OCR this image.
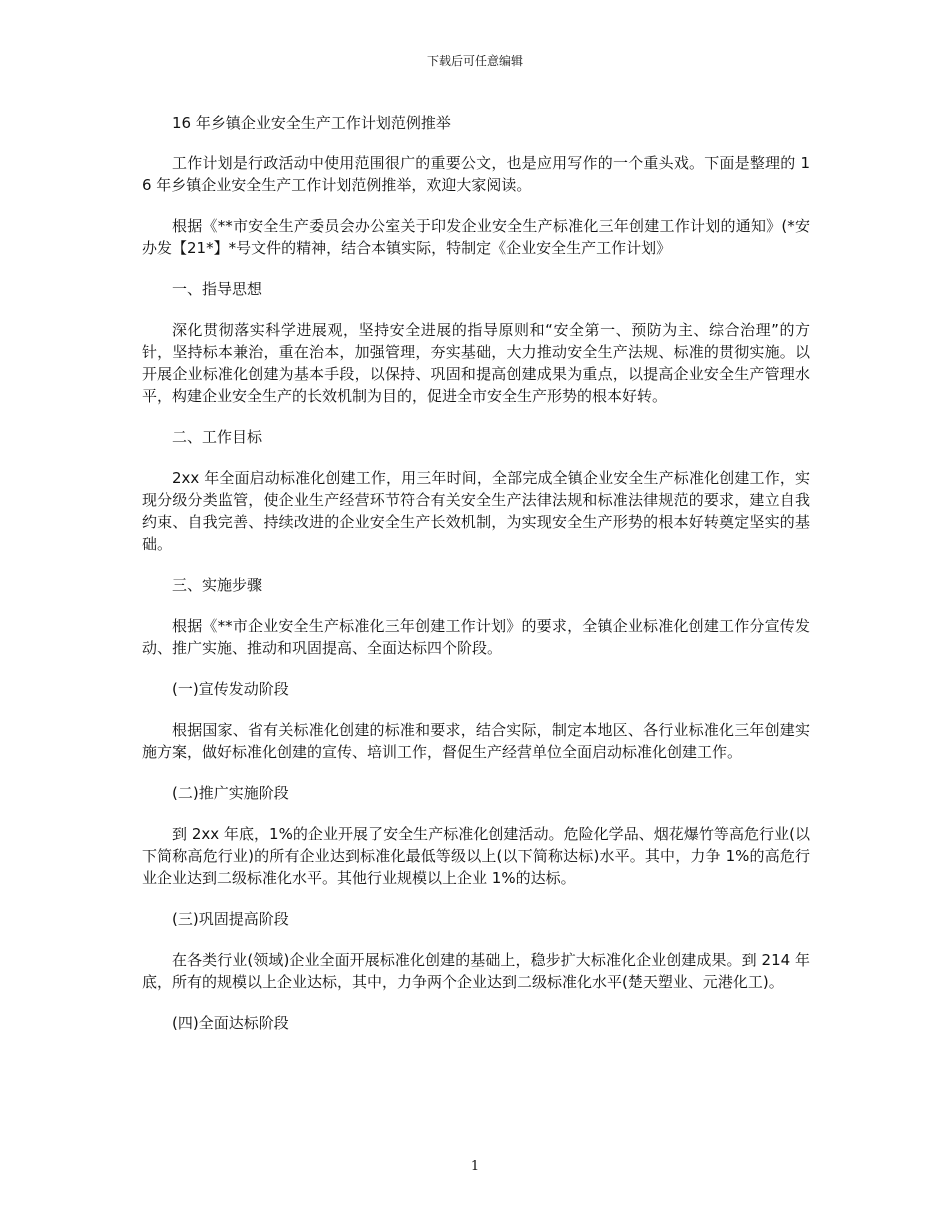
下载后可任意编辑

16 年乡镇企业安全生产工作计划范例推举

工作计划是行政活动中使用范围很广的重要公文，也是应用写作的一个重头戏。下面是整理的 16 年乡镇企业安全生产工作计划范例推举，欢迎大家阅读。

根据《**市安全生产委员会办公室关于印发企业安全生产标准化三年创建工作计划的通知》(*安办发【21*】*号文件的精神，结合本镇实际，特制定《企业安全生产工作计划》

一、指导思想

深化贯彻落实科学进展观，坚持安全进展的指导原则和“安全第一、预防为主、综合治理”的方针，坚持标本兼治，重在治本，加强管理，夯实基础，大力推动安全生产法规、标准的贯彻实施。以开展企业标准化创建为基本手段，以保持、巩固和提高创建成果为重点，以提高企业安全生产管理水平，构建企业安全生产的长效机制为目的，促进全市安全生产形势的根本好转。

二、工作目标

2xx 年全面启动标准化创建工作，用三年时间，全部完成全镇企业安全生产标准化创建工作，实现分级分类监管，使企业生产经营环节符合有关安全生产法律法规和标准法律规范的要求，建立自我约束、自我完善、持续改进的企业安全生产长效机制，为实现安全生产形势的根本好转奠定坚实的基础。

三、实施步骤

根据《**市企业安全生产标准化三年创建工作计划》的要求，全镇企业标准化创建工作分宣传发动、推广实施、推动和巩固提高、全面达标四个阶段。

(一)宣传发动阶段

根据国家、省有关标准化创建的标准和要求，结合实际，制定本地区、各行业标准化三年创建实施方案，做好标准化创建的宣传、培训工作，督促生产经营单位全面启动标准化创建工作。

(二)推广实施阶段

到 2xx 年底，1%的企业开展了安全生产标准化创建活动。危险化学品、烟花爆竹等高危行业(以下简称高危行业)的所有企业达到标准化最低等级以上(以下简称达标)水平。其中，力争 1%的高危行业企业达到二级标准化水平。其他行业规模以上企业 1%的达标。

(三)巩固提高阶段

在各类行业(领域)企业全面开展标准化创建的基础上，稳步扩大标准化企业创建成果。到 214 年底，所有的规模以上企业达标，其中，力争两个企业达到二级标准化水平(楚天塑业、元港化工)。

(四)全面达标阶段

1
